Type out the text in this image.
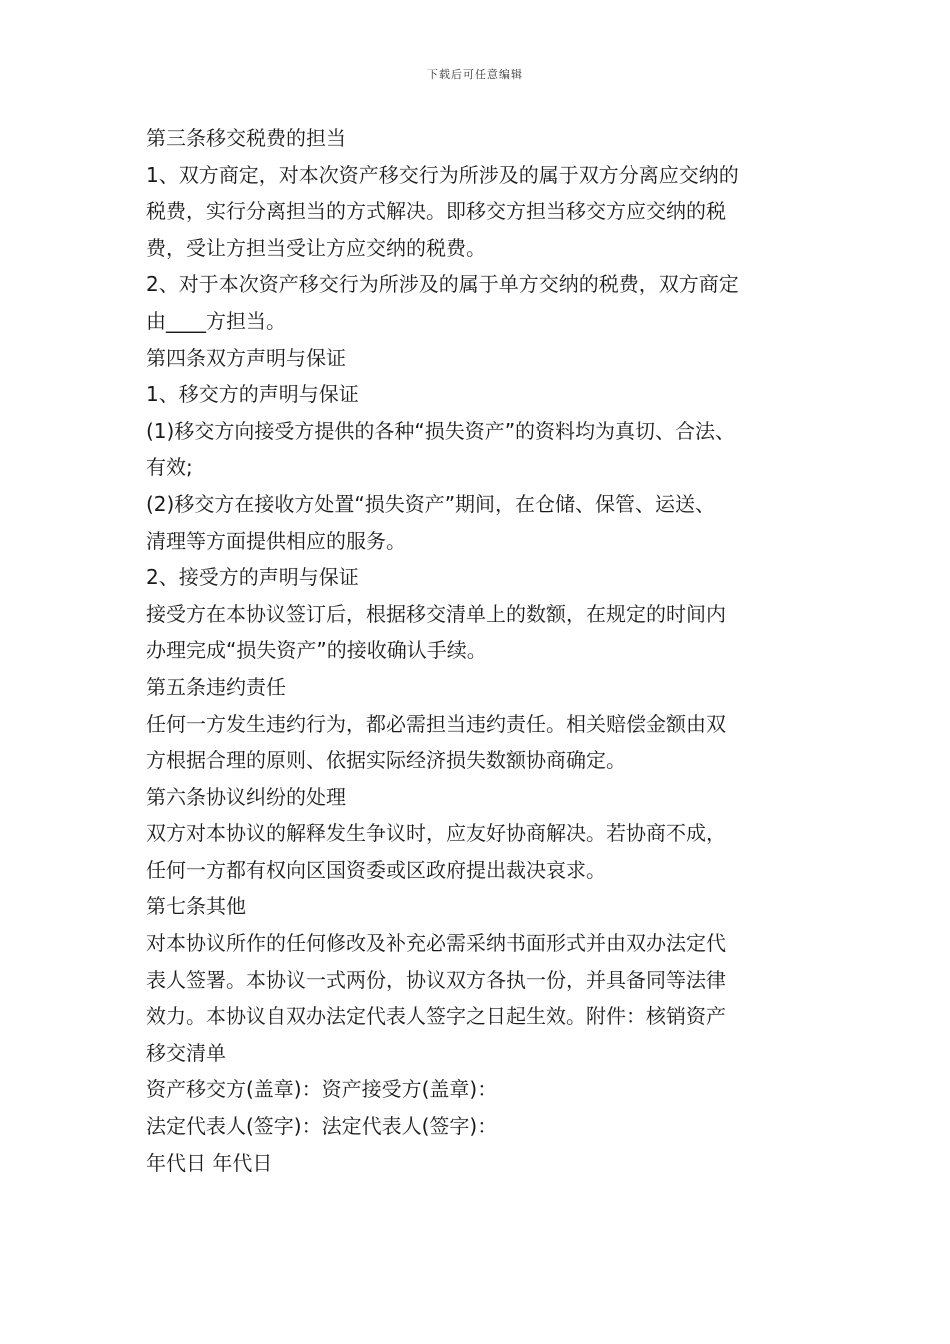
下载后可任意编辑
第三条移交税费的担当
1、双方商定，对本次资产移交行为所涉及的属于双方分离应交纳的
税费，实行分离担当的方式解决。即移交方担当移交方应交纳的税
费，受让方担当受让方应交纳的税费。
2、对于本次资产移交行为所涉及的属于单方交纳的税费，双方商定
由____方担当。
第四条双方声明与保证
1、移交方的声明与保证
(1)移交方向接受方提供的各种“损失资产”的资料均为真切、合法、
有效;
(2)移交方在接收方处置“损失资产”期间，在仓储、保管、运送、
清理等方面提供相应的服务。
2、接受方的声明与保证
接受方在本协议签订后，根据移交清单上的数额，在规定的时间内
办理完成“损失资产”的接收确认手续。
第五条违约责任
任何一方发生违约行为，都必需担当违约责任。相关赔偿金额由双
方根据合理的原则、依据实际经济损失数额协商确定。
第六条协议纠纷的处理
双方对本协议的解释发生争议时，应友好协商解决。若协商不成，
任何一方都有权向区国资委或区政府提出裁决哀求。
第七条其他
对本协议所作的任何修改及补充必需采纳书面形式并由双办法定代
表人签署。本协议一式两份，协议双方各执一份，并具备同等法律
效力。本协议自双办法定代表人签字之日起生效。附件：核销资产
移交清单
资产移交方(盖章)：资产接受方(盖章)：
法定代表人(签字)：法定代表人(签字)：
年代日 年代日
